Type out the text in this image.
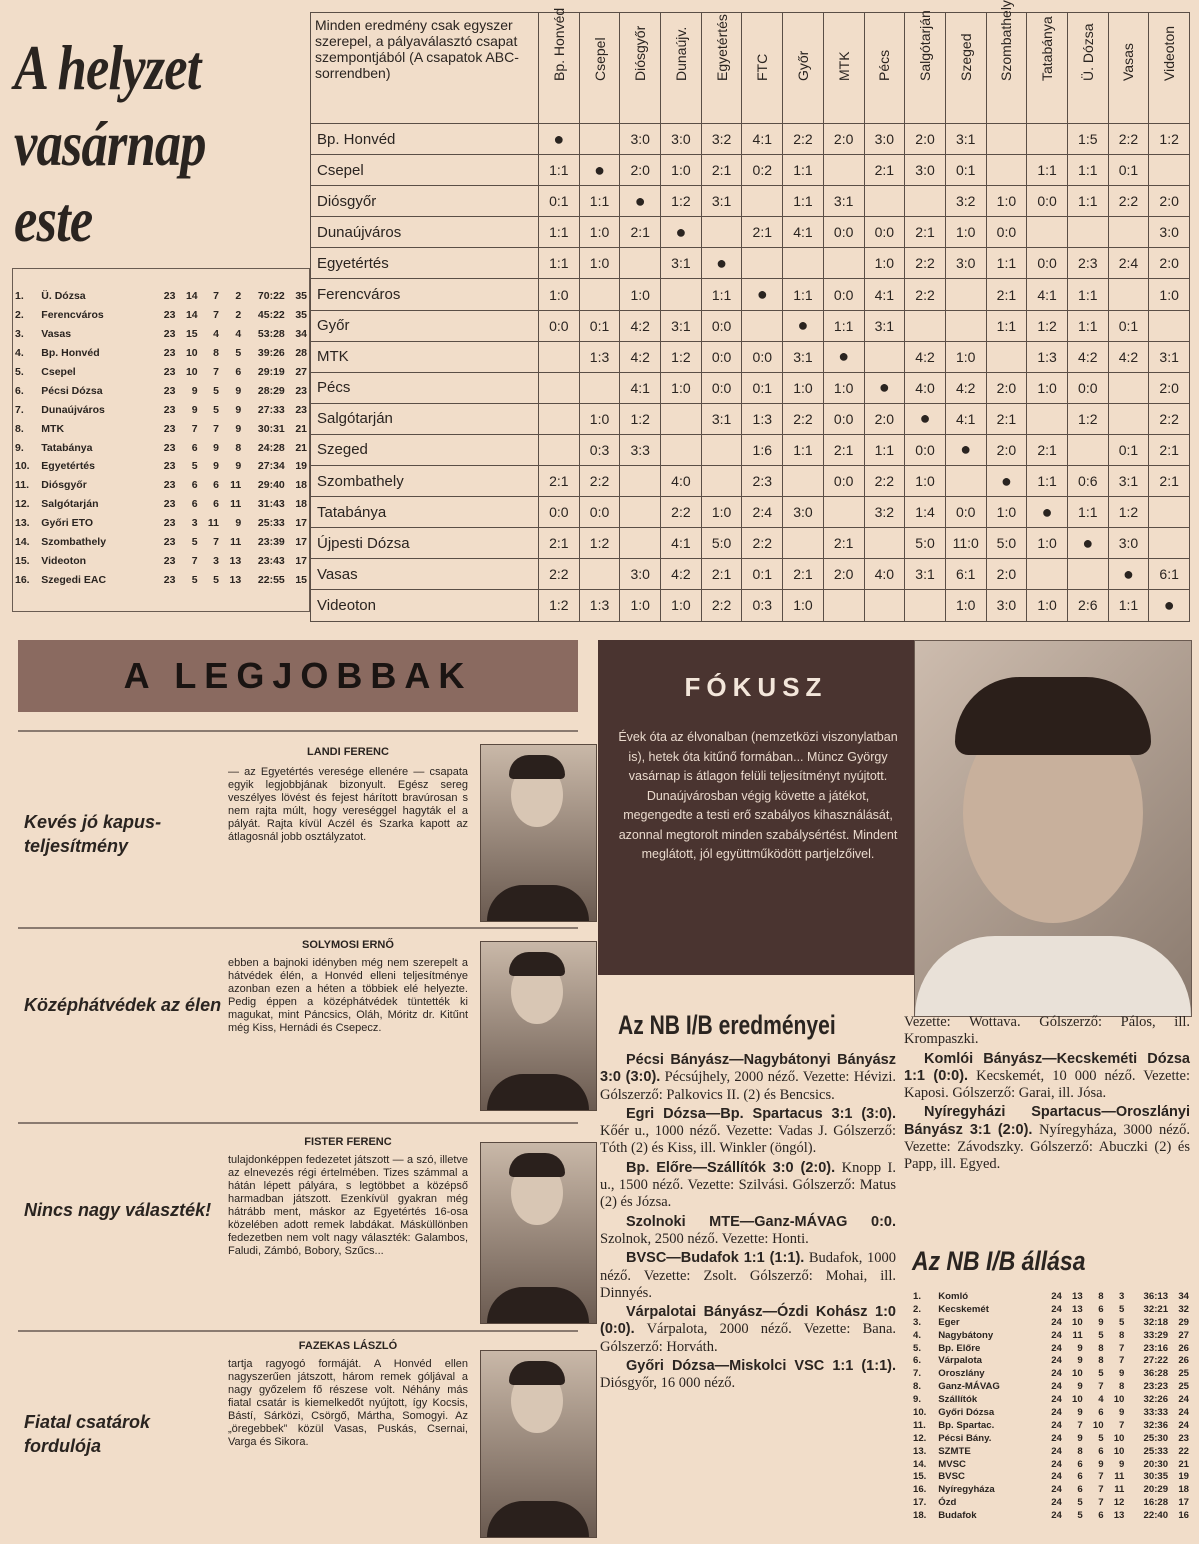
A helyzet
vasárnap
este
1.	Ü. Dózsa	23	14	7	2	70:22	35
2.	Ferencváros	23	14	7	2	45:22	35
3.	Vasas	23	15	4	4	53:28	34
4.	Bp. Honvéd	23	10	8	5	39:26	28
5.	Csepel	23	10	7	6	29:19	27
6.	Pécsi Dózsa	23	9	5	9	28:29	23
7.	Dunaújváros	23	9	5	9	27:33	23
8.	MTK	23	7	7	9	30:31	21
9.	Tatabánya	23	6	9	8	24:28	21
10.	Egyetértés	23	5	9	9	27:34	19
11.	Diósgyőr	23	6	6	11	29:40	18
12.	Salgótarján	23	6	6	11	31:43	18
13.	Győri ETO	23	3	11	9	25:33	17
14.	Szombathely	23	5	7	11	23:39	17
15.	Videoton	23	7	3	13	23:43	17
16.	Szegedi EAC	23	5	5	13	22:55	15
Minden eredmény csak egyszer szerepel, a pályaválasztó csapat szempontjából (A csapatok ABC-sorrendben)	Bp. Honvéd	Csepel	Diósgyőr	Dunaújv.	Egyetértés	FTC	Győr	MTK	Pécs	Salgótarján	Szeged	Szombathely	Tatabánya	Ü. Dózsa	Vasas	Videoton
Bp. Honvéd	●		3:0	3:0	3:2	4:1	2:2	2:0	3:0	2:0	3:1			1:5	2:2	1:2
Csepel	1:1	●	2:0	1:0	2:1	0:2	1:1		2:1	3:0	0:1		1:1	1:1	0:1	
Diósgyőr	0:1	1:1	●	1:2	3:1		1:1	3:1			3:2	1:0	0:0	1:1	2:2	2:0
Dunaújváros	1:1	1:0	2:1	●		2:1	4:1	0:0	0:0	2:1	1:0	0:0				3:0
Egyetértés	1:1	1:0		3:1	●				1:0	2:2	3:0	1:1	0:0	2:3	2:4	2:0
Ferencváros	1:0		1:0		1:1	●	1:1	0:0	4:1	2:2		2:1	4:1	1:1		1:0
Győr	0:0	0:1	4:2	3:1	0:0		●	1:1	3:1			1:1	1:2	1:1	0:1	
MTK		1:3	4:2	1:2	0:0	0:0	3:1	●		4:2	1:0		1:3	4:2	4:2	3:1
Pécs			4:1	1:0	0:0	0:1	1:0	1:0	●	4:0	4:2	2:0	1:0	0:0		2:0
Salgótarján		1:0	1:2		3:1	1:3	2:2	0:0	2:0	●	4:1	2:1		1:2		2:2
Szeged		0:3	3:3			1:6	1:1	2:1	1:1	0:0	●	2:0	2:1		0:1	2:1
Szombathely	2:1	2:2		4:0		2:3		0:0	2:2	1:0		●	1:1	0:6	3:1	2:1
Tatabánya	0:0	0:0		2:2	1:0	2:4	3:0		3:2	1:4	0:0	1:0	●	1:1	1:2	
Újpesti Dózsa	2:1	1:2		4:1	5:0	2:2		2:1		5:0	11:0	5:0	1:0	●	3:0	
Vasas	2:2		3:0	4:2	2:1	0:1	2:1	2:0	4:0	3:1	6:1	2:0			●	6:1
Videoton	1:2	1:3	1:0	1:0	2:2	0:3	1:0				1:0	3:0	1:0	2:6	1:1	●
A LEGJOBBAK
Kevés jó kapus-teljesítmény
LANDI FERENC
— az Egyetértés veresége ellenére — csapata egyik legjobbjának bizonyult. Egész sereg veszélyes lövést és fejest hárított bravúrosan s nem rajta múlt, hogy vereséggel hagyták el a pályát. Rajta kívül Aczél és Szarka kapott az átlagosnál jobb osztályzatot.
Középhátvédek az élen
SOLYMOSI ERNŐ
ebben a bajnoki idényben még nem szerepelt a hátvédek élén, a Honvéd elleni teljesítménye azonban ezen a héten a többiek elé helyezte. Pedig éppen a középhátvédek tüntették ki magukat, mint Páncsics, Oláh, Móritz dr. Kitűnt még Kiss, Hernádi és Csepecz.
Nincs nagy választék!
FISTER FERENC
tulajdonképpen fedezetet játszott — a szó, illetve az elnevezés régi értelmében. Tizes számmal a hátán lépett pályára, s legtöbbet a középső harmadban játszott. Ezenkívül gyakran még hátrább ment, máskor az Egyetértés 16-osa közelében adott remek labdákat. Másküllönben fedezetben nem volt nagy választék: Galambos, Faludi, Zámbó, Bobory, Szűcs...
Fiatal csatárok fordulója
FAZEKAS LÁSZLÓ
tartja ragyogó formáját. A Honvéd ellen nagyszerűen játszott, három remek góljával a nagy győzelem fő részese volt. Néhány más fiatal csatár is kiemelkedőt nyújtott, így Kocsis, Bástí, Sárközi, Csörgő, Mártha, Somogyi. Az „öregebbek” közül Vasas, Puskás, Csernai, Varga és Sikora.
FÓKUSZ
Évek óta az élvonalban (nemzetközi viszonylatban is), hetek óta kitűnő formában... Müncz György vasárnap is átlagon felüli teljesítményt nyújtott. Dunaújvárosban végig követte a játékot, megengedte a testi erő szabályos kihasználását, azonnal megtorolt minden szabálysértést. Mindent meglátott, jól együttműködött partjelzőivel.
Az NB I/B eredményei

Pécsi Bányász—Nagybátonyi Bányász 3:0 (3:0). Pécsújhely, 2000 néző. Vezette: Hévizi. Gólszerző: Palkovics II. (2) és Bencsics.

Egri Dózsa—Bp. Spartacus 3:1 (3:0). Kőér u., 1000 néző. Vezette: Vadas J. Gólszerző: Tóth (2) és Kiss, ill. Winkler (öngól).

Bp. Előre—Szállítók 3:0 (2:0). Knopp I. u., 1500 néző. Vezette: Szilvási. Gólszerző: Matus (2) és Józsa.

Szolnoki MTE—Ganz-MÁVAG 0:0. Szolnok, 2500 néző. Vezette: Honti.

BVSC—Budafok 1:1 (1:1). Budafok, 1000 néző. Vezette: Zsolt. Gólszerző: Mohai, ill. Dinnyés.

Várpalotai Bányász—Ózdi Kohász 1:0 (0:0). Várpalota, 2000 néző. Vezette: Bana. Gólszerző: Horváth.

Győri Dózsa—Miskolci VSC 1:1 (1:1). Diósgyőr, 16 000 néző.

Vezette: Wottava. Gólszerző: Pálos, ill. Krompaszki.

Komlói Bányász—Kecskeméti Dózsa 1:1 (0:0). Kecskemét, 10 000 néző. Vezette: Kaposi. Gólszerző: Garai, ill. Jósa.

Nyíregyházi Spartacus—Oroszlányi Bányász 3:1 (2:0). Nyíregyháza, 3000 néző. Vezette: Závodszky. Gólszerző: Abuczki (2) és Papp, ill. Egyed.

Az NB I/B állása
1.	Komló	24	13	8	3	36:13	34
2.	Kecskemét	24	13	6	5	32:21	32
3.	Eger	24	10	9	5	32:18	29
4.	Nagybátony	24	11	5	8	33:29	27
5.	Bp. Előre	24	9	8	7	23:16	26
6.	Várpalota	24	9	8	7	27:22	26
7.	Oroszlány	24	10	5	9	36:28	25
8.	Ganz-MÁVAG	24	9	7	8	23:23	25
9.	Szállítók	24	10	4	10	32:26	24
10.	Győri Dózsa	24	9	6	9	33:33	24
11.	Bp. Spartac.	24	7	10	7	32:36	24
12.	Pécsi Bány.	24	9	5	10	25:30	23
13.	SZMTE	24	8	6	10	25:33	22
14.	MVSC	24	6	9	9	20:30	21
15.	BVSC	24	6	7	11	30:35	19
16.	Nyíregyháza	24	6	7	11	20:29	18
17.	Ózd	24	5	7	12	16:28	17
18.	Budafok	24	5	6	13	22:40	16
